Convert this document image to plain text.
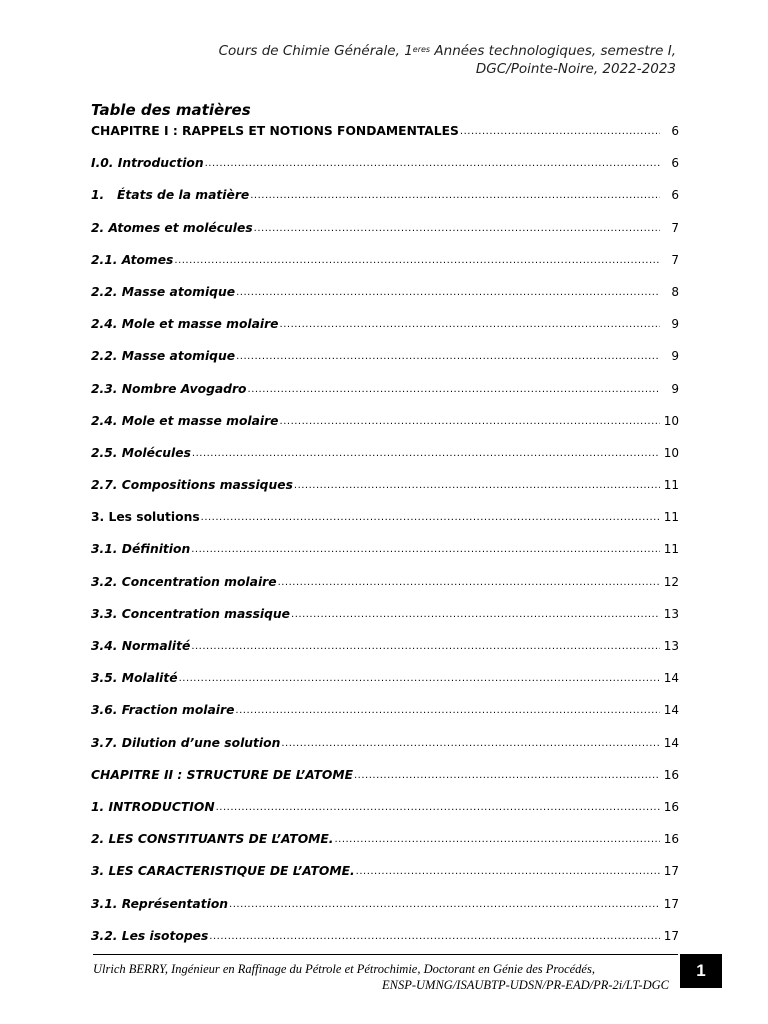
Cours de Chimie Générale, $1^{eres}$ Années technologiques, semestre I,
DGC/Pointe-Noire, 2022-2023
Table des matières
CHAPITRE I : RAPPELS ET NOTIONS FONDAMENTALES .....	6
I.0. Introduction .....	6
1. États de la matière .....	6
2. Atomes et molécules .....	7
2.1. Atomes .....	7
2.2. Masse atomique .....	8
2.4. Mole et masse molaire .....	9
2.2. Masse atomique .....	9
2.3. Nombre Avogadro .....	9
2.4. Mole et masse molaire .....	10
2.5. Molécules .....	10
2.7. Compositions massiques .....	11
3. Les solutions .....	11
3.1. Définition .....	11
3.2. Concentration molaire .....	12
3.3. Concentration massique .....	13
3.4. Normalité .....	13
3.5. Molalité .....	14
3.6. Fraction molaire .....	14
3.7. Dilution d’une solution .....	14
CHAPITRE II : STRUCTURE DE L’ATOME .....	16
1. INTRODUCTION .....	16
2. LES CONSTITUANTS DE L’ATOME. .....	16
3. LES CARACTERISTIQUE DE L’ATOME. .....	17
3.1. Représentation .....	17
3.2. Les isotopes .....	17
Ulrich BERRY, Ingénieur en Raffinage du Pétrole et Pétrochimie, Doctorant en Génie des Procédés,
ENSP-UMNG/ISAUBTP-UDSN/PR-EAD/PR-2i/LT-DGC
1
